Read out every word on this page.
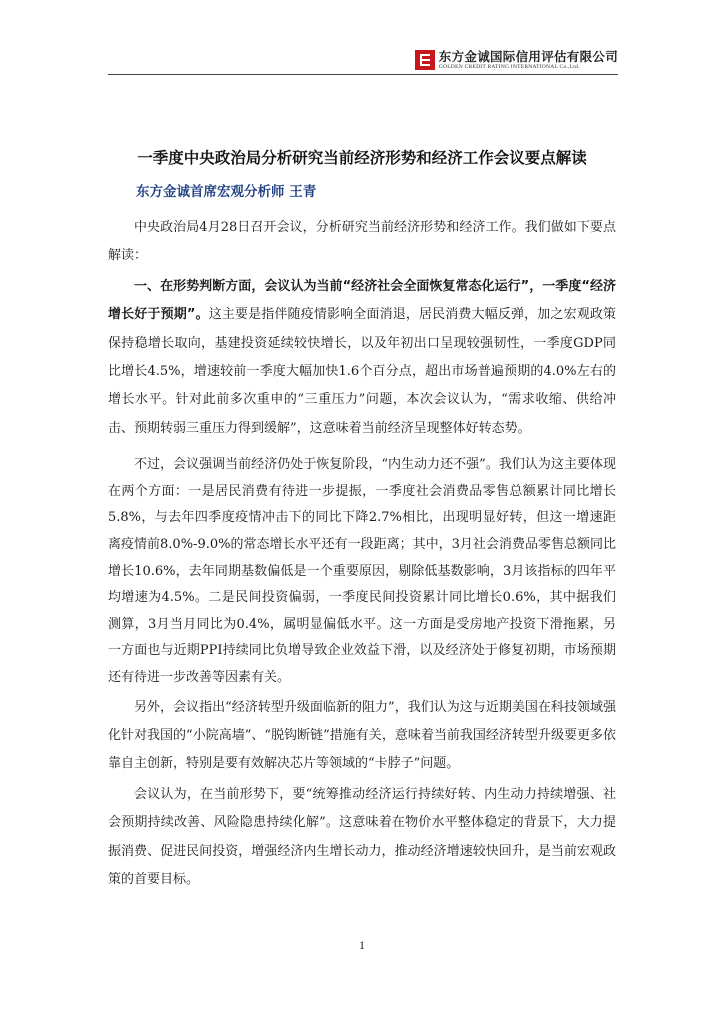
东方金诚国际信用评估有限公司
GOLDEN CREDIT RATING INTERNATIONAL Co.,Ltd.
一季度中央政治局分析研究当前经济形势和经济工作会议要点解读
东方金诚首席宏观分析师 王青

中央政治局4月28日召开会议，分析研究当前经济形势和经济工作。我们做如下要点解读：

一、在形势判断方面，会议认为当前“经济社会全面恢复常态化运行”，一季度“经济增长好于预期”。这主要是指伴随疫情影响全面消退，居民消费大幅反弹，加之宏观政策保持稳增长取向，基建投资延续较快增长，以及年初出口呈现较强韧性，一季度GDP同比增长4.5%，增速较前一季度大幅加快1.6个百分点，超出市场普遍预期的4.0%左右的增长水平。针对此前多次重申的“三重压力”问题，本次会议认为，“需求收缩、供给冲击、预期转弱三重压力得到缓解”，这意味着当前经济呈现整体好转态势。

不过，会议强调当前经济仍处于恢复阶段，“内生动力还不强”。我们认为这主要体现在两个方面：一是居民消费有待进一步提振，一季度社会消费品零售总额累计同比增长5.8%，与去年四季度疫情冲击下的同比下降2.7%相比，出现明显好转，但这一增速距离疫情前8.0%-9.0%的常态增长水平还有一段距离；其中，3月社会消费品零售总额同比增长10.6%，去年同期基数偏低是一个重要原因，剔除低基数影响，3月该指标的四年平均增速为4.5%。二是民间投资偏弱，一季度民间投资累计同比增长0.6%，其中据我们测算，3月当月同比为0.4%，属明显偏低水平。这一方面是受房地产投资下滑拖累，另一方面也与近期PPI持续同比负增导致企业效益下滑，以及经济处于修复初期，市场预期还有待进一步改善等因素有关。

另外，会议指出“经济转型升级面临新的阻力”，我们认为这与近期美国在科技领域强化针对我国的“小院高墙”、“脱钩断链”措施有关，意味着当前我国经济转型升级要更多依靠自主创新，特别是要有效解决芯片等领域的“卡脖子”问题。

会议认为，在当前形势下，要“统筹推动经济运行持续好转、内生动力持续增强、社会预期持续改善、风险隐患持续化解”。这意味着在物价水平整体稳定的背景下，大力提振消费、促进民间投资，增强经济内生增长动力，推动经济增速较快回升，是当前宏观政策的首要目标。

1
